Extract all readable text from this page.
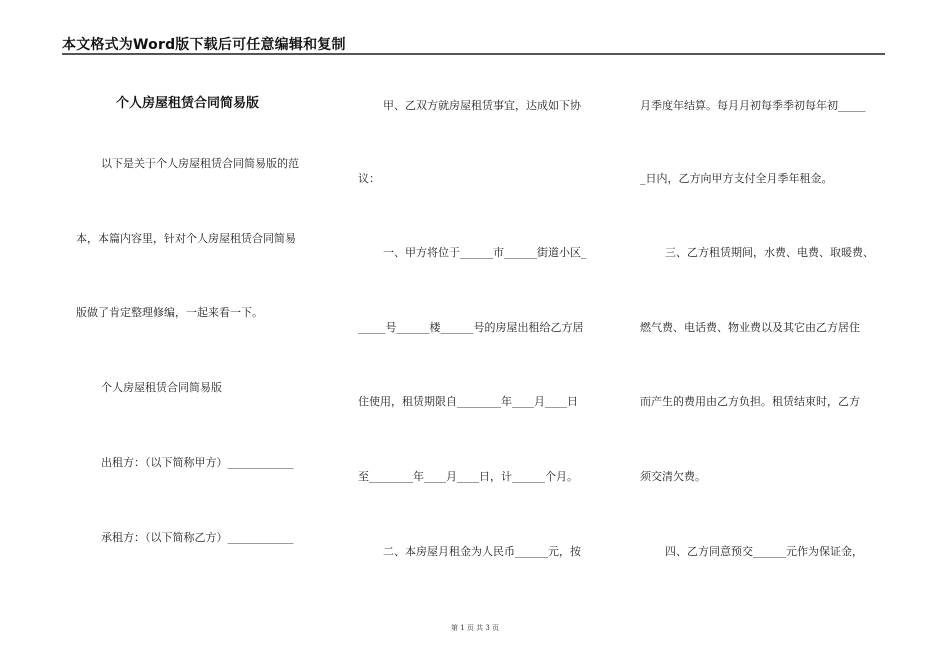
本文格式为Word版下载后可任意编辑和复制
个人房屋租赁合同简易版
以下是关于个人房屋租赁合同简易版的范
本，本篇内容里，针对个人房屋租赁合同简易
版做了肯定整理修编，一起来看一下。
个人房屋租赁合同简易版
出租方：（以下简称甲方）____________
承租方：（以下简称乙方）____________
甲、乙双方就房屋租赁事宜，达成如下协
议：
一、甲方将位于______市______街道小区_
_____号______楼______号的房屋出租给乙方居
住使用，租赁期限自________年____月____日
至________年____月____日，计______个月。
二、本房屋月租金为人民币______元，按
月季度年结算。每月月初每季季初每年初_____
_日内，乙方向甲方支付全月季年租金。
三、乙方租赁期间，水费、电费、取暖费、
燃气费、电话费、物业费以及其它由乙方居住
而产生的费用由乙方负担。租赁结束时，乙方
须交清欠费。
四、乙方同意预交______元作为保证金，
第 1 页 共 3 页
